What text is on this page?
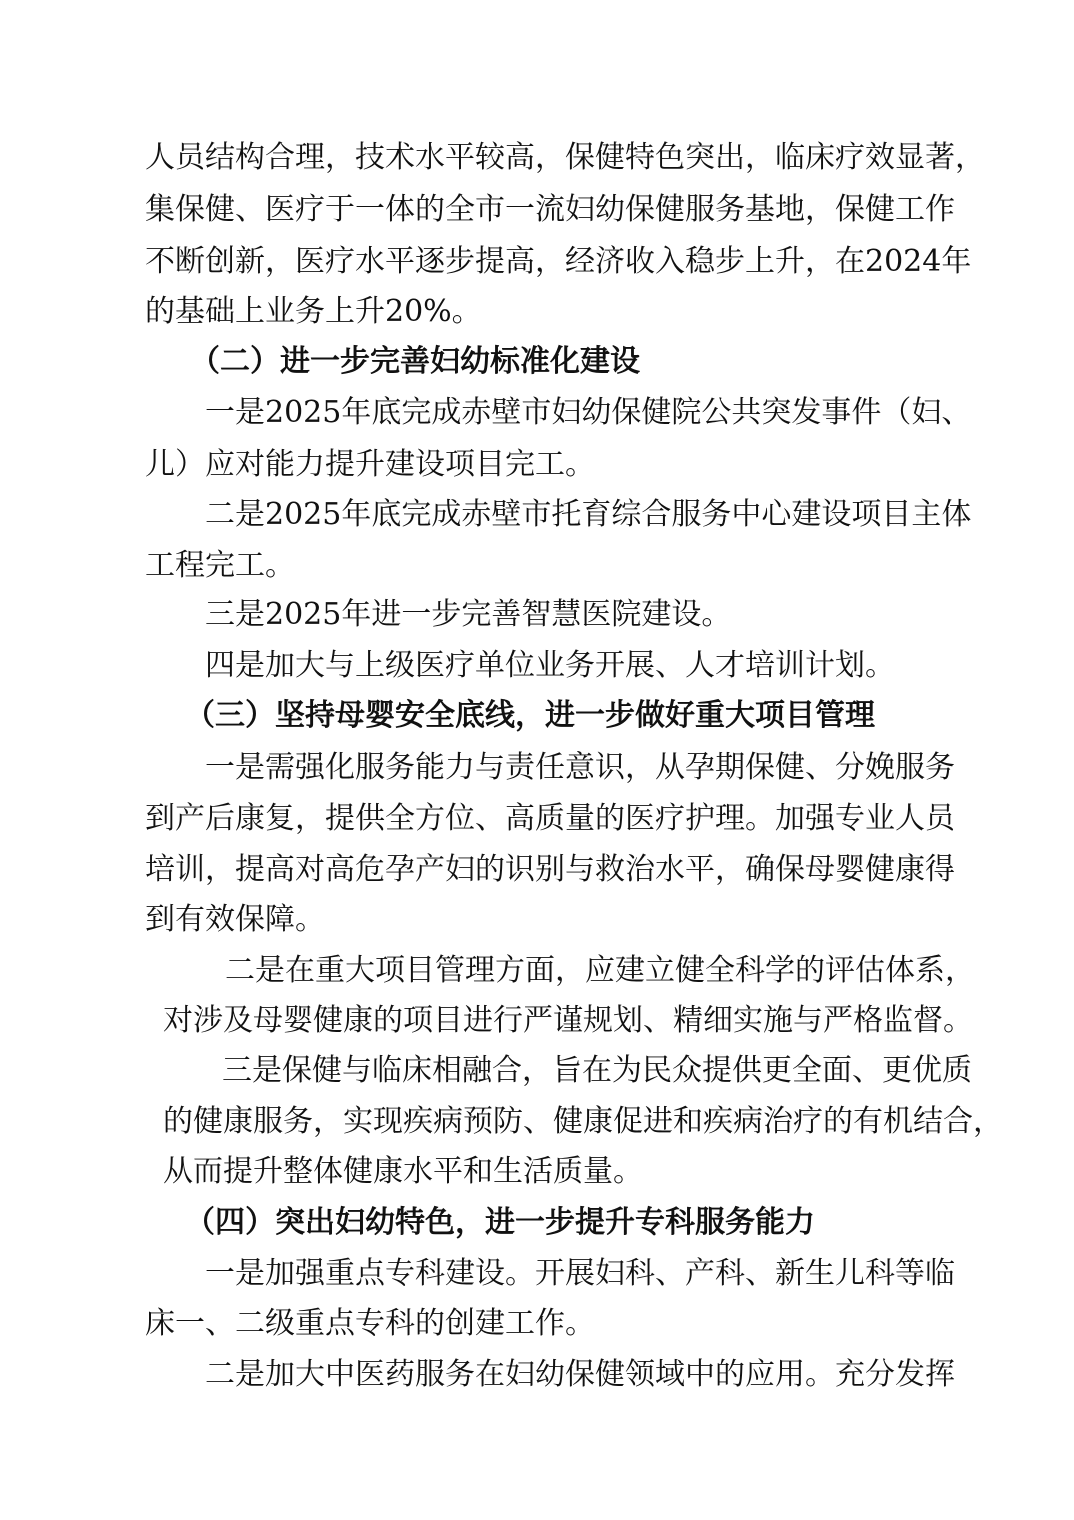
人员结构合理，技术水平较高，保健特色突出，临床疗效显著，
集保健、医疗于一体的全市一流妇幼保健服务基地，保健工作
不断创新，医疗水平逐步提高，经济收入稳步上升，在2024年
的基础上业务上升20%。
（二）进一步完善妇幼标准化建设
一是2025年底完成赤壁市妇幼保健院公共突发事件（妇、
儿）应对能力提升建设项目完工。
二是2025年底完成赤壁市托育综合服务中心建设项目主体
工程完工。
三是2025年进一步完善智慧医院建设。
四是加大与上级医疗单位业务开展、人才培训计划。
（三）坚持母婴安全底线，进一步做好重大项目管理
一是需强化服务能力与责任意识，从孕期保健、分娩服务
到产后康复，提供全方位、高质量的医疗护理。加强专业人员
培训，提高对高危孕产妇的识别与救治水平，确保母婴健康得
到有效保障。
二是在重大项目管理方面，应建立健全科学的评估体系，
对涉及母婴健康的项目进行严谨规划、精细实施与严格监督。
三是保健与临床相融合，旨在为民众提供更全面、更优质
的健康服务，实现疾病预防、健康促进和疾病治疗的有机结合，
从而提升整体健康水平和生活质量。
（四）突出妇幼特色，进一步提升专科服务能力
一是加强重点专科建设。开展妇科、产科、新生儿科等临
床一、二级重点专科的创建工作。
二是加大中医药服务在妇幼保健领域中的应用。充分发挥
